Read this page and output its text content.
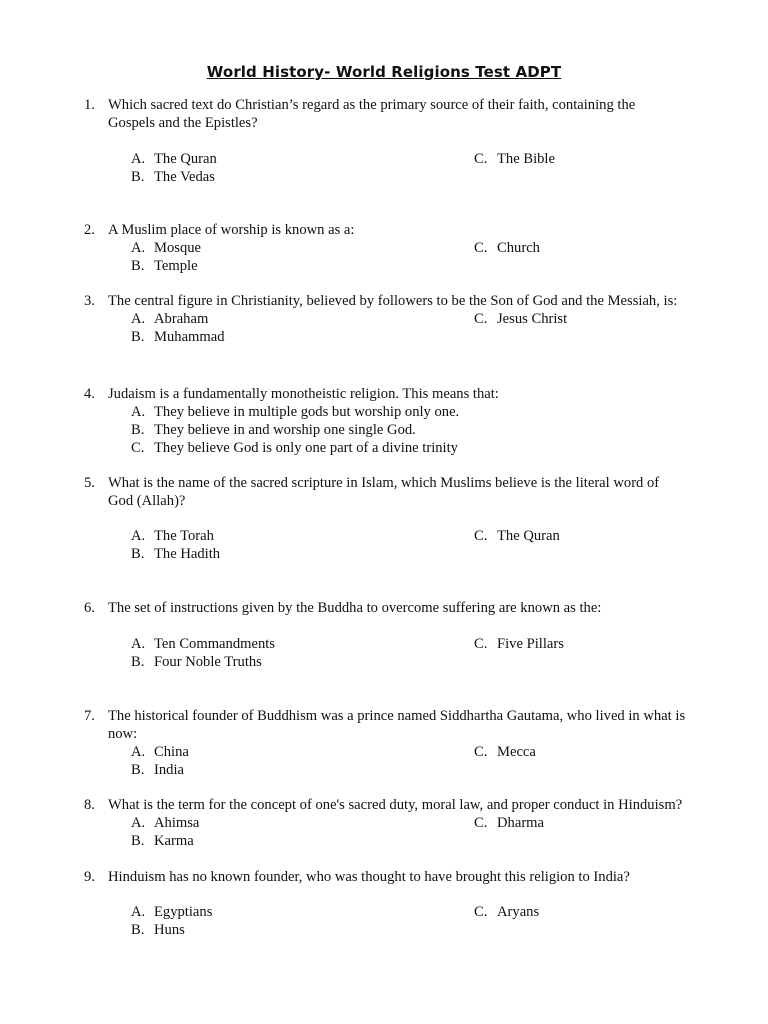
World History- World Religions Test ADPT
1. Which sacred text do Christian’s regard as the primary source of their faith, containing the
Gospels and the Epistles?
A. The Quran
B. The Vedas
C. The Bible
2. A Muslim place of worship is known as a:
A. Mosque
B. Temple
C. Church
3. The central figure in Christianity, believed by followers to be the Son of God and the Messiah, is:
A. Abraham
B. Muhammad
C. Jesus Christ
4. Judaism is a fundamentally monotheistic religion. This means that:
A. They believe in multiple gods but worship only one.
B. They believe in and worship one single God.
C. They believe God is only one part of a divine trinity
5. What is the name of the sacred scripture in Islam, which Muslims believe is the literal word of
God (Allah)?
A. The Torah
B. The Hadith
C. The Quran
6. The set of instructions given by the Buddha to overcome suffering are known as the:
A. Ten Commandments
B. Four Noble Truths
C. Five Pillars
7. The historical founder of Buddhism was a prince named Siddhartha Gautama, who lived in what is
now:
A. China
B. India
C. Mecca
8. What is the term for the concept of one's sacred duty, moral law, and proper conduct in Hinduism?
A. Ahimsa
B. Karma
C. Dharma
9. Hinduism has no known founder, who was thought to have brought this religion to India?
A. Egyptians
B. Huns
C. Aryans
